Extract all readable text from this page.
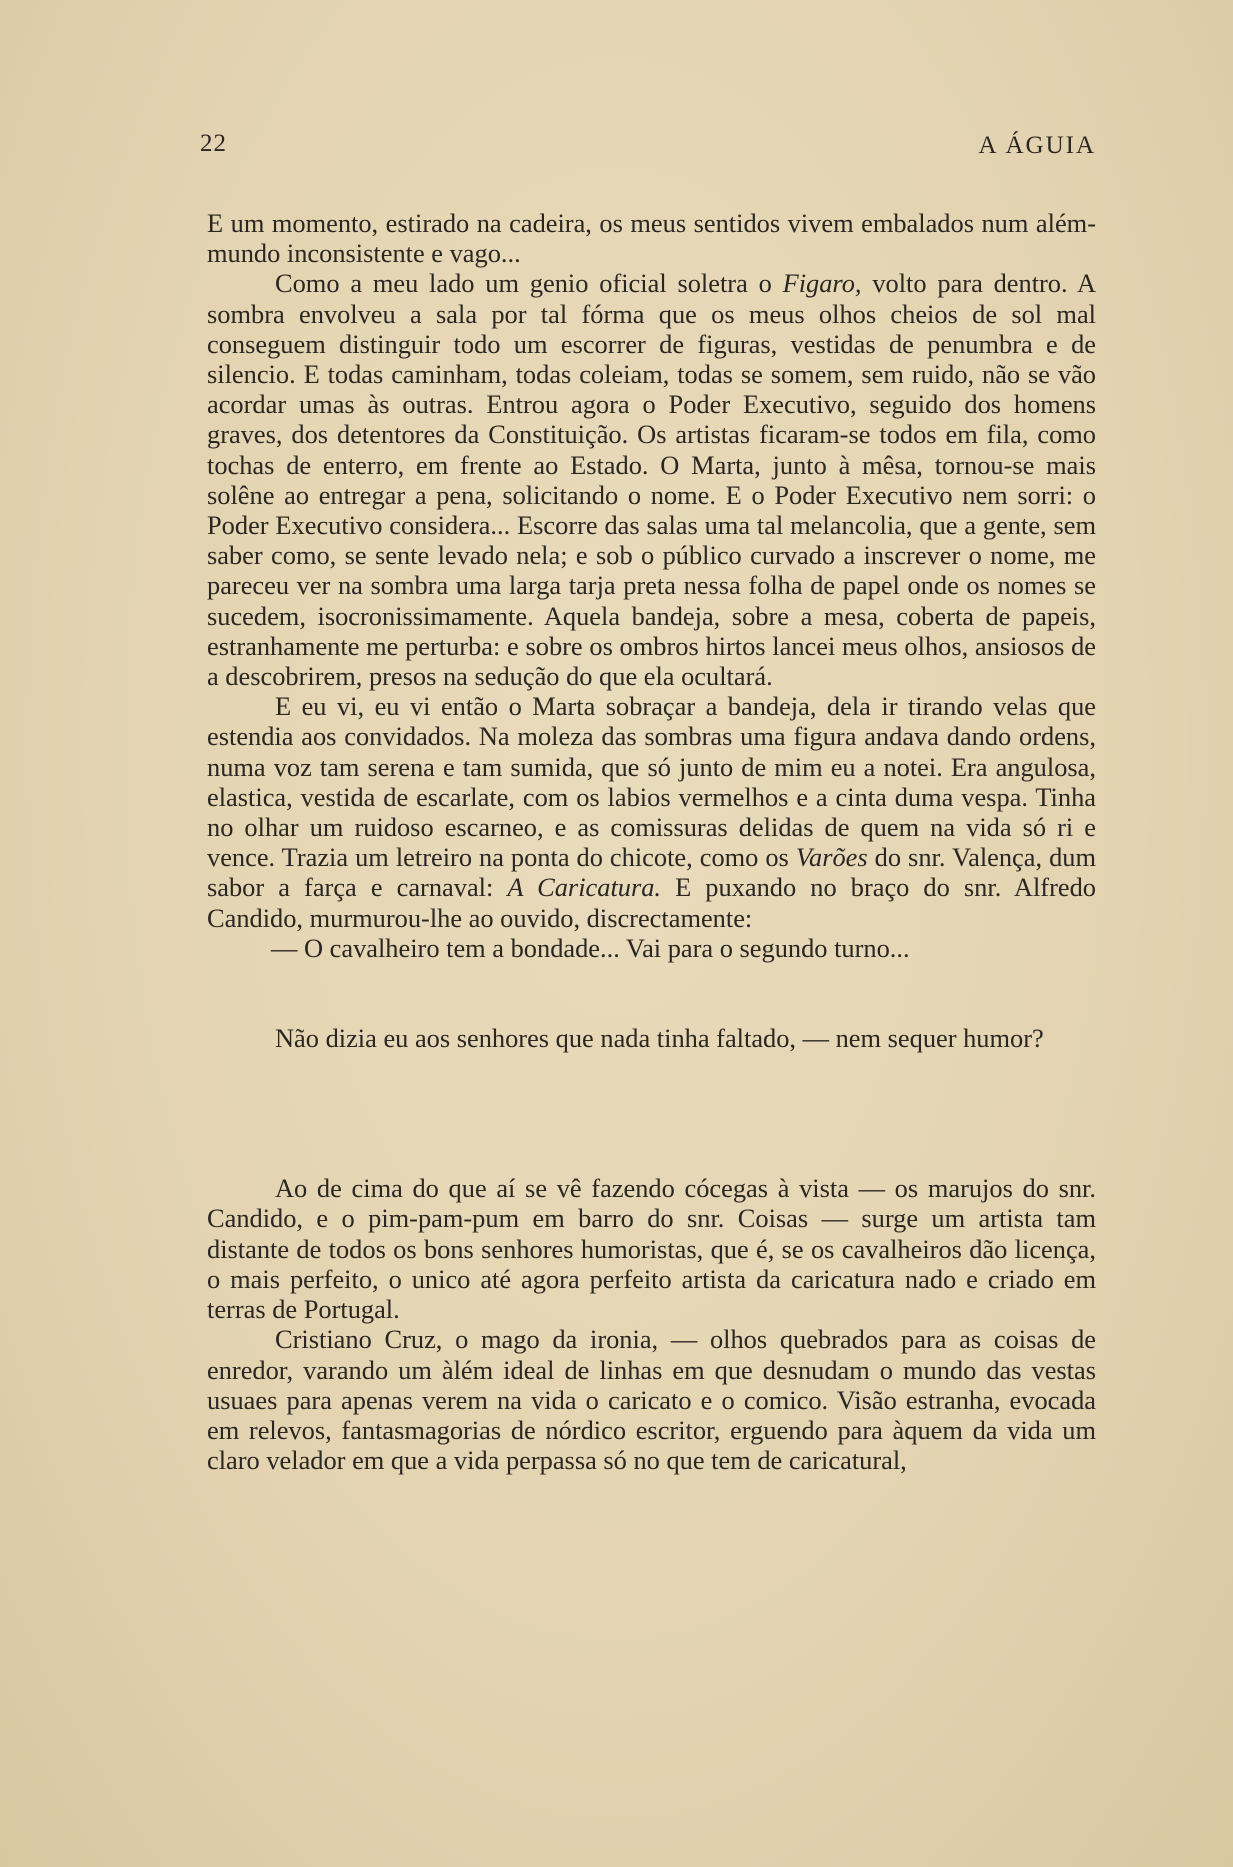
22	A ÁGUIA

E um momento, estirado na cadeira, os meus sentidos vivem embalados num além-mundo inconsistente e vago...

Como a meu lado um genio oficial soletra o Figaro, volto para dentro. A sombra envolveu a sala por tal fórma que os meus olhos cheios de sol mal conseguem distinguir todo um escorrer de figuras, vestidas de penumbra e de silencio. E todas caminham, todas coleiam, todas se somem, sem ruido, não se vão acordar umas às outras. Entrou agora o Poder Executivo, seguido dos homens graves, dos detentores da Constituição. Os artistas ficaram-se todos em fila, como tochas de enterro, em frente ao Estado. O Marta, junto à mêsa, tornou-se mais solêne ao entregar a pena, solicitando o nome. E o Poder Executivo nem sorri: o Poder Executivo considera... Escorre das salas uma tal melancolia, que a gente, sem saber como, se sente levado nela; e sob o público curvado a inscrever o nome, me pareceu ver na sombra uma larga tarja preta nessa folha de papel onde os nomes se sucedem, isocronissimamente. Aquela bandeja, sobre a mesa, coberta de papeis, estranhamente me perturba: e sobre os ombros hirtos lancei meus olhos, ansiosos de a descobrirem, presos na sedução do que ela ocultará.

E eu vi, eu vi então o Marta sobraçar a bandeja, dela ir tirando velas que estendia aos convidados. Na moleza das sombras uma figura andava dando ordens, numa voz tam serena e tam sumida, que só junto de mim eu a notei. Era angulosa, elastica, vestida de escarlate, com os labios vermelhos e a cinta duma vespa. Tinha no olhar um ruidoso escarneo, e as comissuras delidas de quem na vida só ri e vence. Trazia um letreiro na ponta do chicote, como os Varões do snr. Valença, dum sabor a farça e carnaval: A Caricatura. E puxando no braço do snr. Alfredo Candido, murmurou-lhe ao ouvido, discrectamente:

— O cavalheiro tem a bondade... Vai para o segundo turno...

Não dizia eu aos senhores que nada tinha faltado, — nem sequer humor?

Ao de cima do que aí se vê fazendo cócegas à vista — os marujos do snr. Candido, e o pim-pam-pum em barro do snr. Coisas — surge um artista tam distante de todos os bons senhores humoristas, que é, se os cavalheiros dão licença, o mais perfeito, o unico até agora perfeito artista da caricatura nado e criado em terras de Portugal.

Cristiano Cruz, o mago da ironia, — olhos quebrados para as coisas de enredor, varando um àlém ideal de linhas em que desnudam o mundo das vestas usuaes para apenas verem na vida o caricato e o comico. Visão estranha, evocada em relevos, fantasmagorias de nórdico escritor, erguendo para àquem da vida um claro velador em que a vida perpassa só no que tem de caricatural,
